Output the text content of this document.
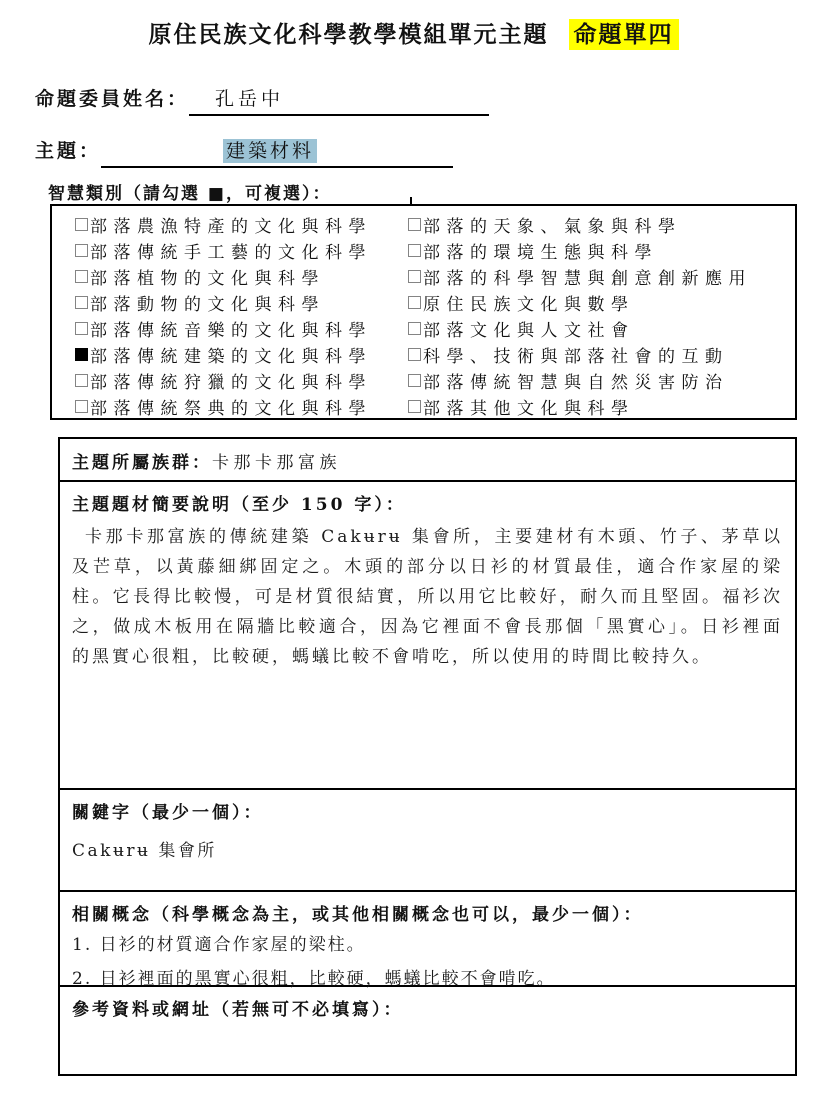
原住民族文化科學教學模組單元主題 命題單四
命題委員姓名： 孔岳中
主題：	建築材料
智慧類別（請勾選 ■，可複選）：
部落農漁特產的文化與科學
部落傳統手工藝的文化科學
部落植物的文化與科學
部落動物的文化與科學
部落傳統音樂的文化與科學
部落傳統建築的文化與科學
部落傳統狩獵的文化與科學
部落傳統祭典的文化與科學
部落的天象、氣象與科學
部落的環境生態與科學
部落的科學智慧與創意創新應用
原住民族文化與數學
部落文化與人文社會
科學、技術與部落社會的互動
部落傳統智慧與自然災害防治
部落其他文化與科學
主題所屬族群：卡那卡那富族
主題題材簡要說明（至少 150 字）：
卡那卡那富族的傳統建築 Cakʉrʉ 集會所，主要建材有木頭、竹子、茅草以及芒草，以黃藤細綁固定之。木頭的部分以日衫的材質最佳，適合作家屋的梁柱。它長得比較慢，可是材質很結實，所以用它比較好，耐久而且堅固。福衫次之，做成木板用在隔牆比較適合，因為它裡面不會長那個「黑實心」。日衫裡面的黑實心很粗，比較硬，螞蟻比較不會啃吃，所以使用的時間比較持久。
關鍵字（最少一個）：
Cakʉrʉ 集會所
相關概念（科學概念為主，或其他相關概念也可以，最少一個）：
1. 日衫的材質適合作家屋的梁柱。
2. 日衫裡面的黑實心很粗，比較硬，螞蟻比較不會啃吃。
參考資料或網址（若無可不必填寫）：
